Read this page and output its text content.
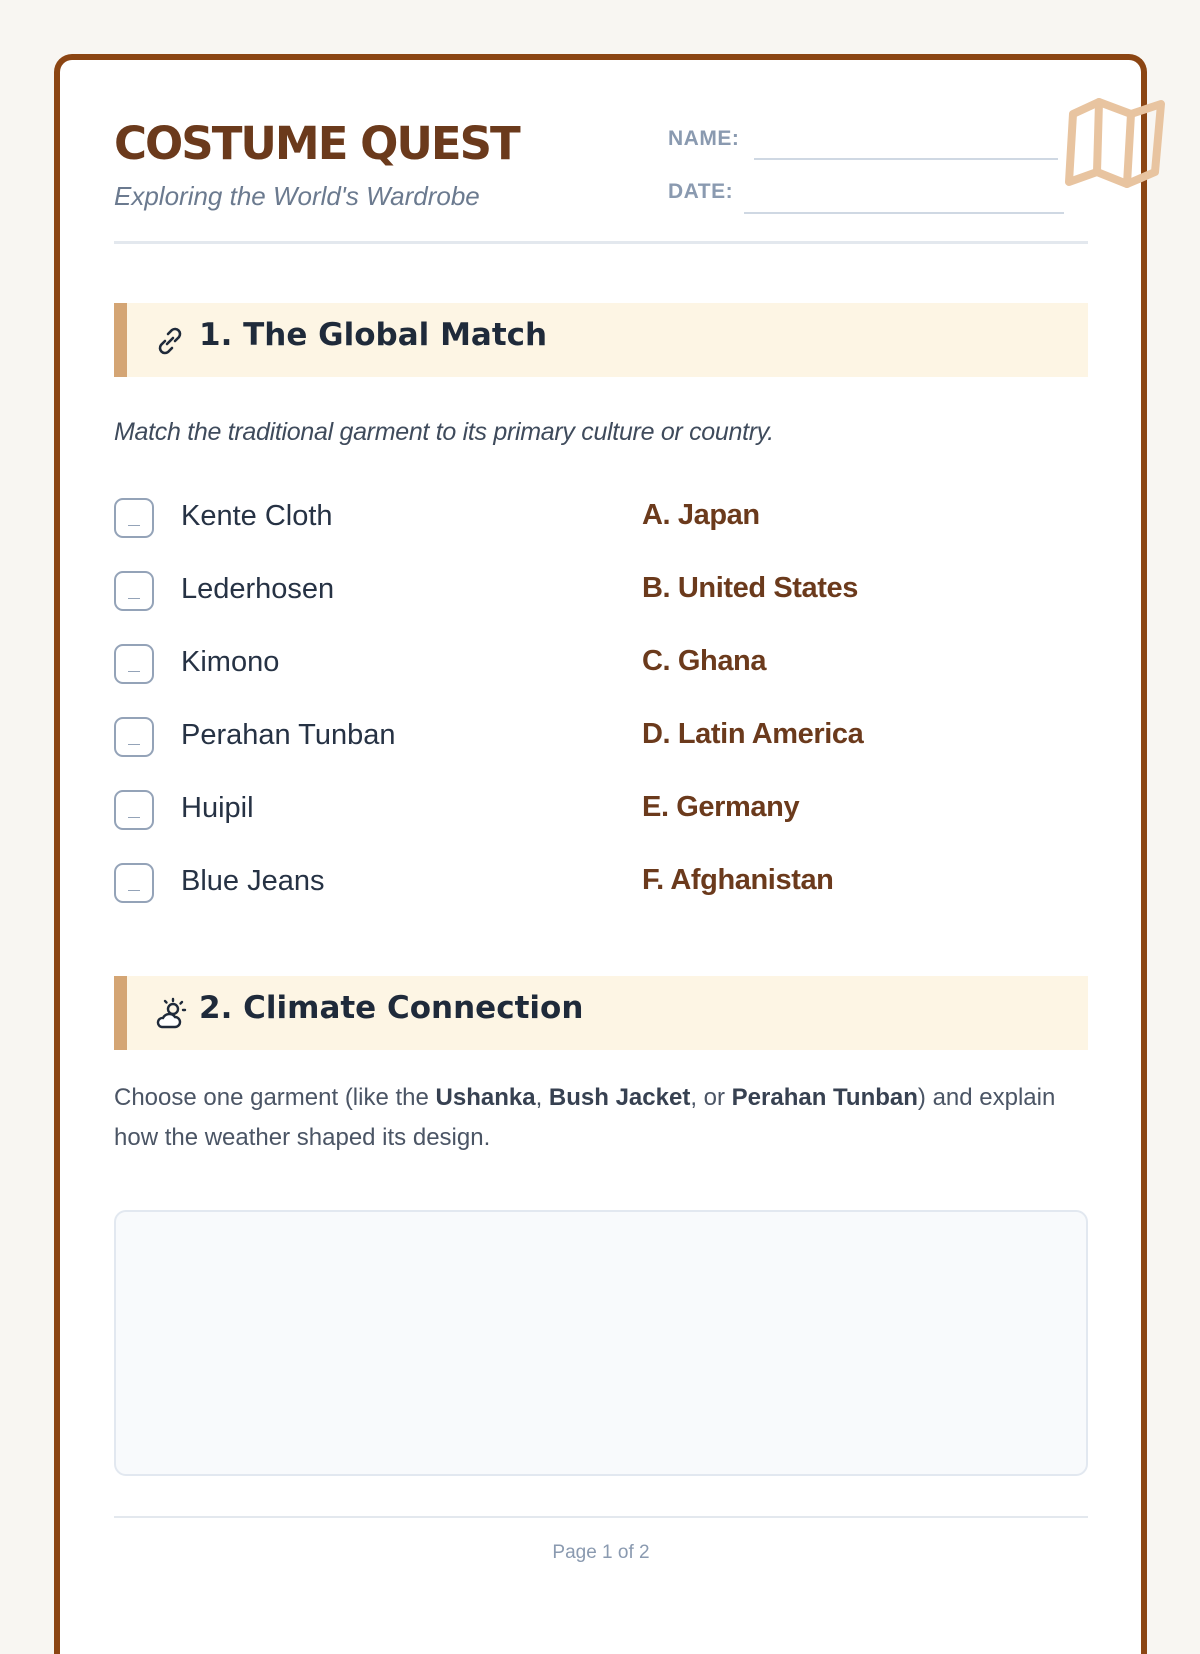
COSTUME QUEST
Exploring the World's Wardrobe
NAME:
DATE:
1. The Global Match
Match the traditional garment to its primary culture or country.
Kente Cloth	A. Japan
Lederhosen	B. United States
Kimono	C. Ghana
Perahan Tunban	D. Latin America
Huipil	E. Germany
Blue Jeans	F. Afghanistan
2. Climate Connection
Choose one garment (like the Ushanka, Bush Jacket, or Perahan Tunban) and explain how the weather shaped its design.
Page 1 of 2
